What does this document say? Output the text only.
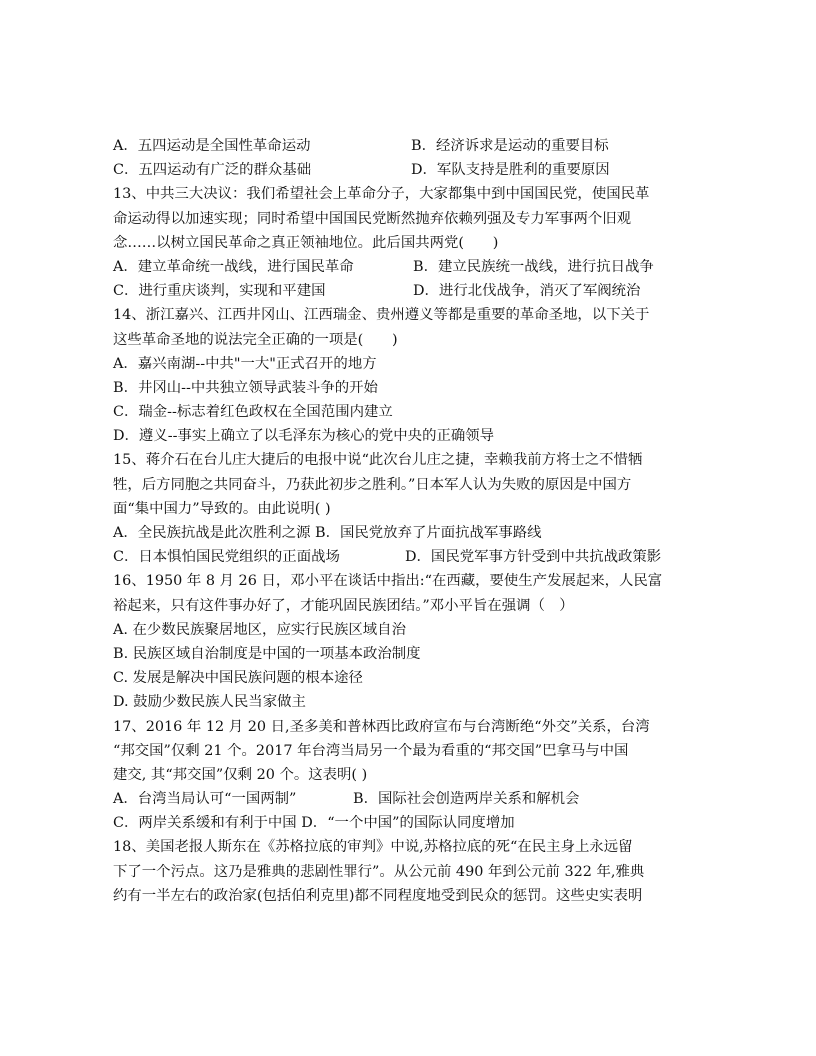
A．五四运动是全国性革命运动	B．经济诉求是运动的重要目标
C．五四运动有广泛的群众基础	D．军队支持是胜利的重要原因
13、中共三大决议：我们希望社会上革命分子，大家都集中到中国国民党，使国民革
命运动得以加速实现；同时希望中国国民党断然抛弃依赖列强及专力军事两个旧观
念……以树立国民革命之真正领袖地位。此后国共两党(　　)
A．建立革命统一战线，进行国民革命	B．建立民族统一战线，进行抗日战争
C．进行重庆谈判，实现和平建国	D．进行北伐战争，消灭了军阀统治
14、浙江嘉兴、江西井冈山、江西瑞金、贵州遵义等都是重要的革命圣地，以下关于
这些革命圣地的说法完全正确的一项是(　　)
A．嘉兴南湖--中共"一大"正式召开的地方
B．井冈山--中共独立领导武装斗争的开始
C．瑞金--标志着红色政权在全国范围内建立
D．遵义--事实上确立了以毛泽东为核心的党中央的正确领导
15、蒋介石在台儿庄大捷后的电报中说“此次台儿庄之捷，幸赖我前方将士之不惜牺
牲，后方同胞之共同奋斗，乃获此初步之胜利。”日本军人认为失败的原因是中国方
面“集中国力”导致的。由此说明( )
A．全民族抗战是此次胜利之源 B．国民党放弃了片面抗战军事路线
C．日本惧怕国民党组织的正面战场	D．国民党军事方针受到中共抗战政策影
16、1950 年 8 月 26 日，邓小平在谈话中指出:“在西藏，要使生产发展起来，人民富
裕起来，只有这件事办好了，才能巩固民族团结。”邓小平旨在强调（　）
A. 在少数民族聚居地区，应实行民族区域自治
B. 民族区域自治制度是中国的一项基本政治制度
C. 发展是解决中国民族问题的根本途径
D. 鼓励少数民族人民当家做主
17、2016 年 12 月 20 日,圣多美和普林西比政府宣布与台湾断绝“外交”关系，台湾
“邦交国”仅剩 21 个。2017 年台湾当局另一个最为看重的“邦交国”巴拿马与中国
建交, 其“邦交国”仅剩 20 个。这表明( )
A．台湾当局认可“一国两制”	B．国际社会创造两岸关系和解机会
C．两岸关系缓和有利于中国 D．“一个中国”的国际认同度增加
18、美国老报人斯东在《苏格拉底的审判》中说,苏格拉底的死“在民主身上永远留
下了一个污点。这乃是雅典的悲剧性罪行”。从公元前 490 年到公元前 322 年,雅典
约有一半左右的政治家(包括伯利克里)都不同程度地受到民众的惩罚。这些史实表明
